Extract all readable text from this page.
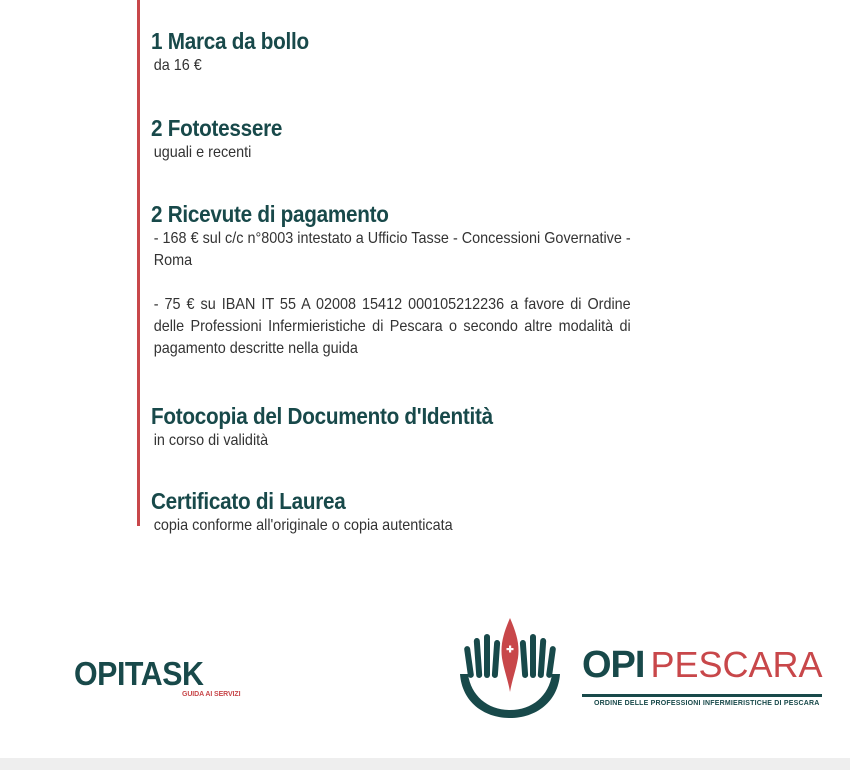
1 Marca da bollo

da 16 €

2 Fototessere

uguali e recenti

2 Ricevute di pagamento

- 168 € sul c/c n°8003 intestato a Ufficio Tasse - Concessioni Governative - Roma

- 75 € su IBAN IT 55 A 02008 15412 000105212236 a favore di Ordine delle Professioni Infermieristiche di Pescara o secondo altre modalità di pagamento descritte nella guida

Fotocopia del Documento d'Identità

in corso di validità

Certificato di Laurea

copia conforme all'originale o copia autenticata

OPITASK
GUIDA AI SERVIZI
OPI PESCARA
ORDINE DELLE PROFESSIONI INFERMIERISTICHE DI PESCARA
